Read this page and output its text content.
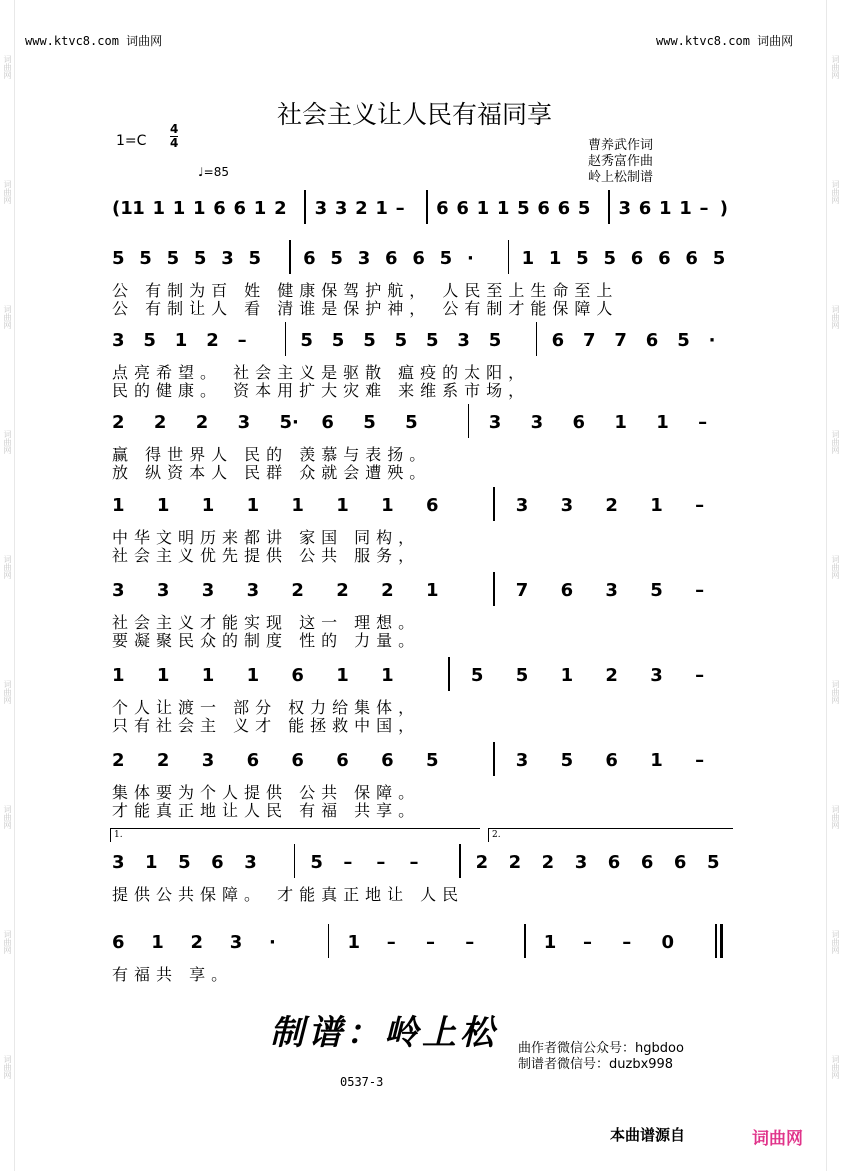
词曲网	词曲网
词曲网	词曲网
词曲网	词曲网
词曲网	词曲网
词曲网	词曲网
词曲网	词曲网
词曲网	词曲网
词曲网	词曲网
词曲网	词曲网
www.ktvc8.com 词曲网	www.ktvc8.com 词曲网
社会主义让人民有福同享
1=C
4
4
♩=85
曹养武作词
赵秀富作曲
岭上松制谱
(1 1 1 1 1 6 6 1 2 3 3 2 1 – 6 6 1 1 5 6 6 5 3 6 1 1 – )
5 5 5 5 3 5 6 5 3 6 6 5 ·	1 1 5 5 6 6 6 5
公 有制为百 姓 健康保驾护航， 人民至上生命至上
公 有制让人 看 清谁是保护神， 公有制才能保障人
3 5 1 2 –	5 5 5 5 5 3 5	6 7 7 6 5 ·
点亮希望。 社会主义是驱散 瘟疫的太阳，
民的健康。 资本用扩大灾难 来维系市场，
2 2 2 3 5· 6 5 5	3 3 6 1 1 –
赢 得世界人 民的 羡慕与表扬。
放 纵资本人 民群 众就会遭殃。
1 1 1 1 1 1 1 6	3 3 2 1 –
中华文明历来都讲 家国 同构，
社会主义优先提供 公共 服务，
3 3 3 3 2 2 2 1	7 6 3 5 –
社会主义才能实现 这一 理想。
要凝聚民众的制度 性的 力量。
1 1 1 1 6 1 1	5 5 1 2 3 –
个人让渡一 部分 权力给集体，
只有社会主 义才 能拯救中国，
2 2 3 6 6 6 6 5	3 5 6 1 –
集体要为个人提供 公共 保障。
才能真正地让人民 有福 共享。
3 1 5 6 3	5 – – –	2 2 2 3 6 6 6 5
提供公共保障。 才能真正地让 人民
6 1 2 3 ·	1 – – –	1 – – 0
有福共 享。
1.	2.
制谱：岭上松 曲作者微信公众号：hgbdoo
制谱者微信号：duzbx998
0537-3
本曲谱源自	词曲网
